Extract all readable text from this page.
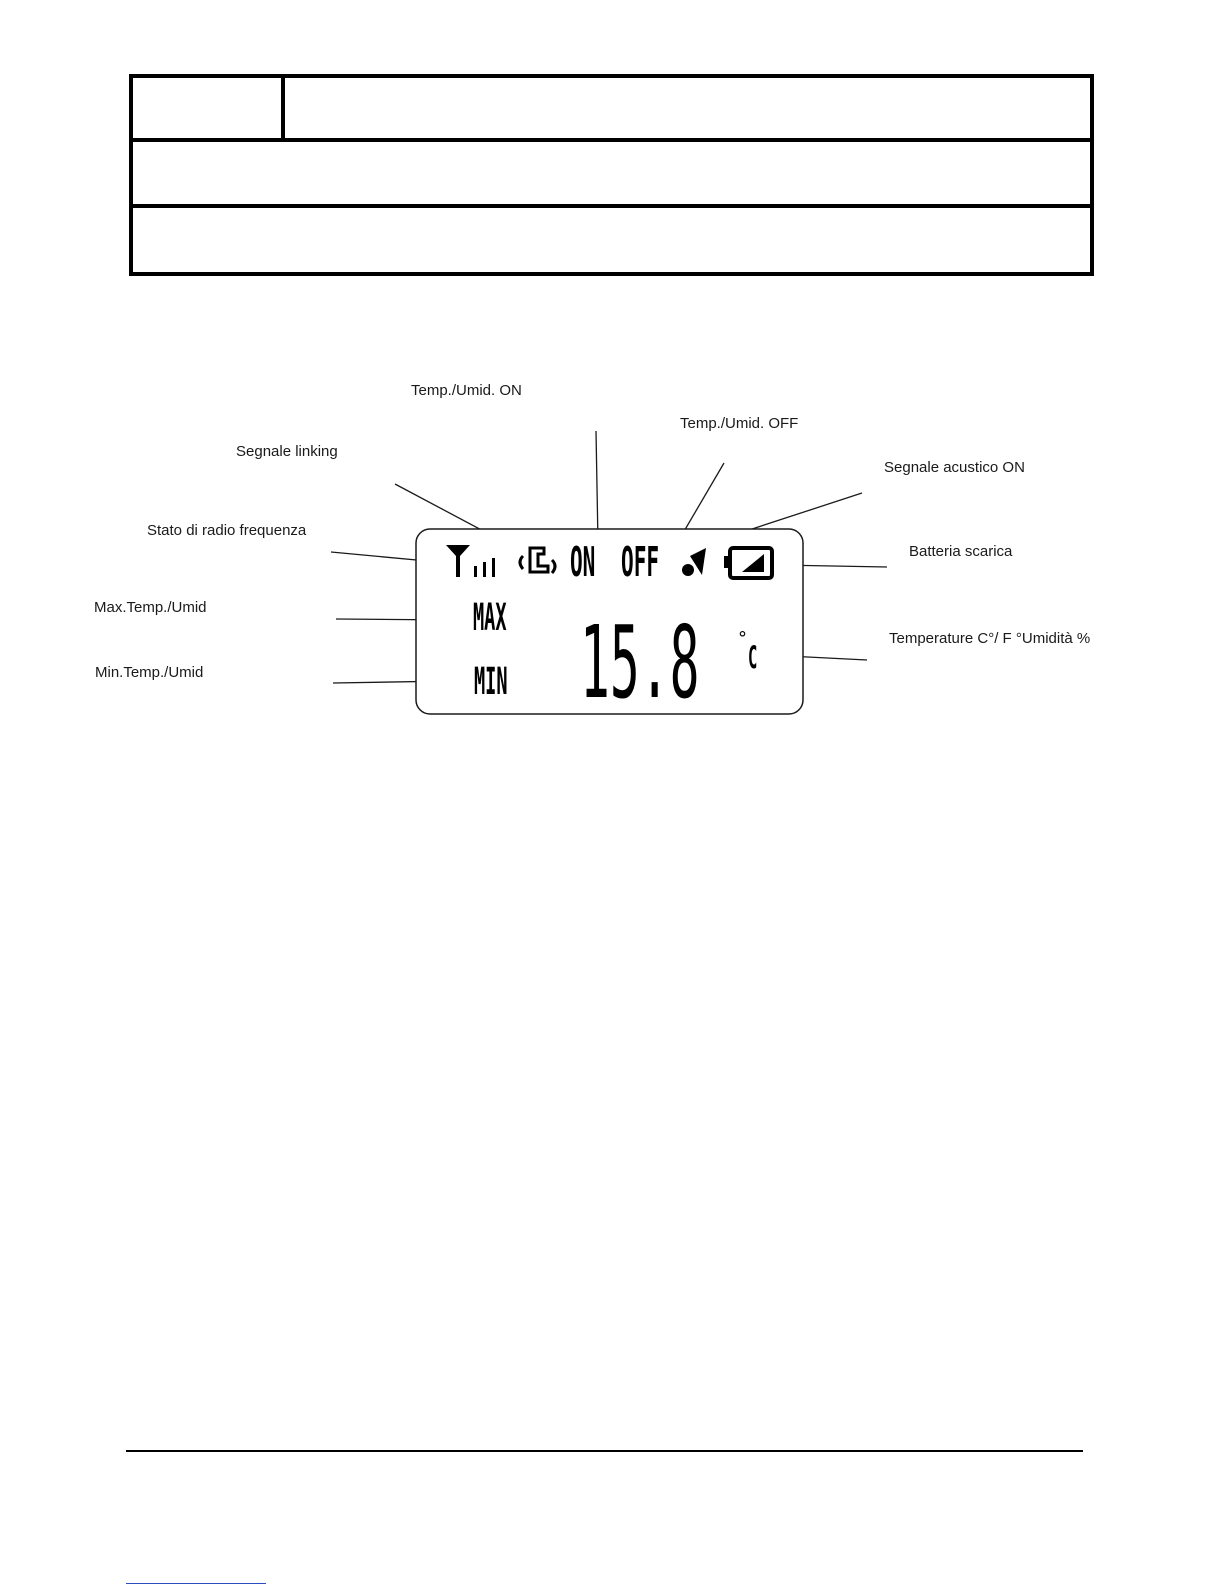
Temp./Umid. ON
Temp./Umid. OFF
Segnale linking
Segnale acustico ON
Stato di radio frequenza
Batteria scarica
Max.Temp./Umid
Min.Temp./Umid
Temperature C°/ F °Umidità %
ON OFF
MAX
MIN 15.8 °
C
